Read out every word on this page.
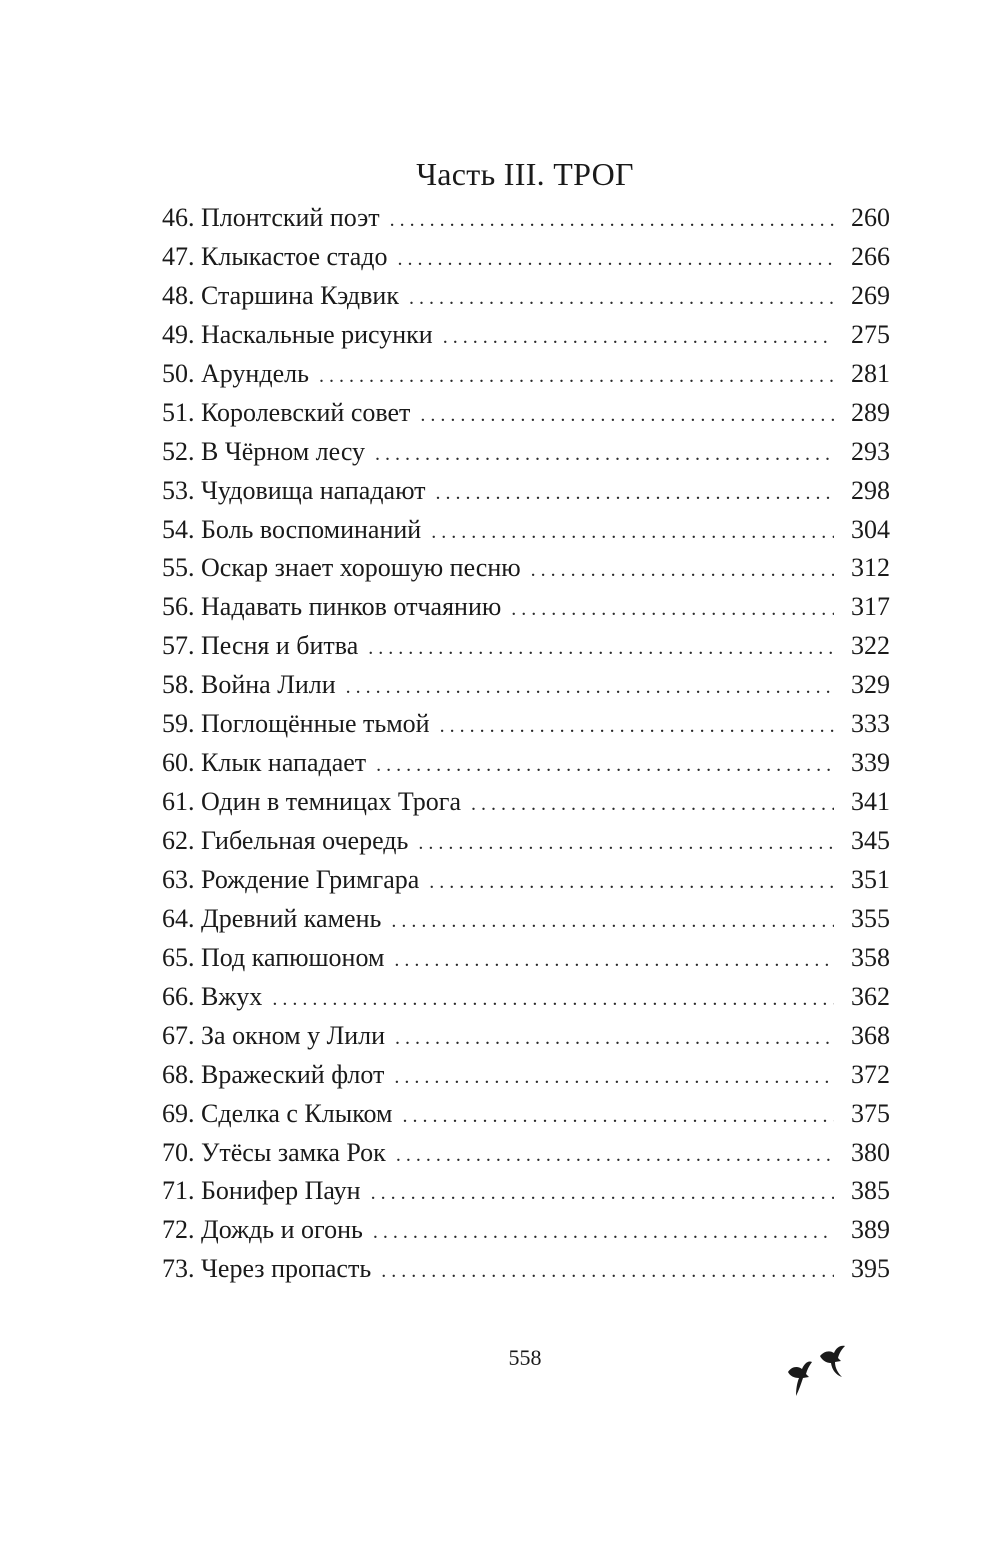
Часть III. ТРОГ
46. Плонтский поэт . . .	260
47. Клыкастое стадо . . .	266
48. Старшина Кэдвик . . .	269
49. Наскальные рисунки . . .	275
50. Арундель . . .	281
51. Королевский совет . . .	289
52. В Чёрном лесу . . .	293
53. Чудовища нападают . . .	298
54. Боль воспоминаний . . .	304
55. Оскар знает хорошую песню . . .	312
56. Надавать пинков отчаянию . . .	317
57. Песня и битва . . .	322
58. Война Лили . . .	329
59. Поглощённые тьмой . . .	333
60. Клык нападает . . .	339
61. Один в темницах Трога . . .	341
62. Гибельная очередь . . .	345
63. Рождение Гримгара . . .	351
64. Древний камень . . .	355
65. Под капюшоном . . .	358
66. Вжух . . .	362
67. За окном у Лили . . .	368
68. Вражеский флот . . .	372
69. Сделка с Клыком . . .	375
70. Утёсы замка Рок . . .	380
71. Бонифер Паун . . .	385
72. Дождь и огонь . . .	389
73. Через пропасть . . .	395
558
